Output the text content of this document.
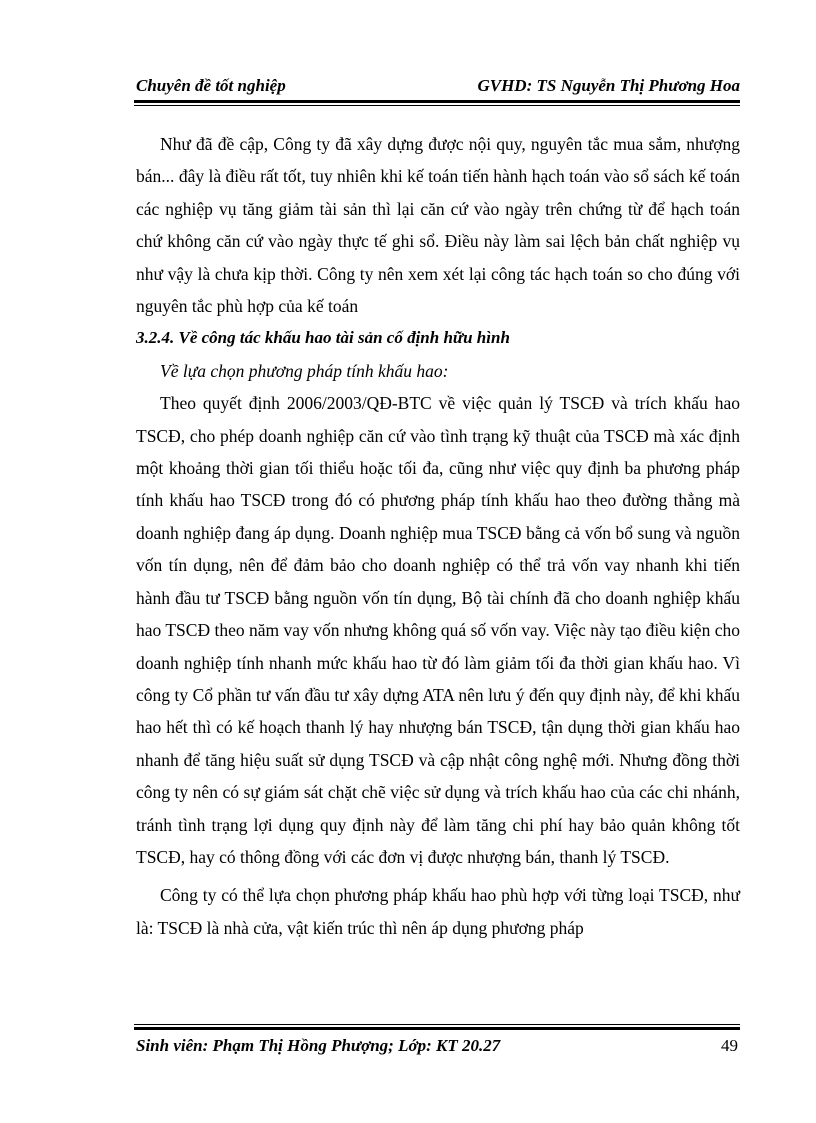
Chuyên đề tốt nghiệp	GVHD: TS Nguyễn Thị Phương Hoa

Như đã đề cập, Công ty đã xây dựng được nội quy, nguyên tắc mua sắm, nhượng bán... đây là điều rất tốt, tuy nhiên khi kế toán tiến hành hạch toán vào sổ sách kế toán các nghiệp vụ tăng giảm tài sản thì lại căn cứ vào ngày trên chứng từ để hạch toán chứ không căn cứ vào ngày thực tế ghi sổ. Điều này làm sai lệch bản chất nghiệp vụ như vậy là chưa kịp thời. Công ty nên xem xét lại công tác hạch toán so cho đúng với nguyên tắc phù hợp của kế toán

3.2.4. Về công tác khấu hao tài sản cố định hữu hình
Về lựa chọn phương pháp tính khấu hao:

Theo quyết định 2006/2003/QĐ-BTC về việc quản lý TSCĐ và trích khấu hao TSCĐ, cho phép doanh nghiệp căn cứ vào tình trạng kỹ thuật của TSCĐ mà xác định một khoảng thời gian tối thiểu hoặc tối đa, cũng như việc quy định ba phương pháp tính khấu hao TSCĐ trong đó có phương pháp tính khấu hao theo đường thẳng mà doanh nghiệp đang áp dụng. Doanh nghiệp mua TSCĐ bằng cả vốn bổ sung và nguồn vốn tín dụng, nên để đảm bảo cho doanh nghiệp có thể trả vốn vay nhanh khi tiến hành đầu tư TSCĐ bằng nguồn vốn tín dụng, Bộ tài chính đã cho doanh nghiệp khấu hao TSCĐ theo năm vay vốn nhưng không quá số vốn vay. Việc này tạo điều kiện cho doanh nghiệp tính nhanh mức khấu hao từ đó làm giảm tối đa thời gian khấu hao. Vì công ty Cổ phần tư vấn đầu tư xây dựng ATA nên lưu ý đến quy định này, để khi khấu hao hết thì có kế hoạch thanh lý hay nhượng bán TSCĐ, tận dụng thời gian khấu hao nhanh để tăng hiệu suất sử dụng TSCĐ và cập nhật công nghệ mới. Nhưng đồng thời công ty nên có sự giám sát chặt chẽ việc sử dụng và trích khấu hao của các chi nhánh, tránh tình trạng lợi dụng quy định này để làm tăng chi phí hay bảo quản không tốt TSCĐ, hay có thông đồng với các đơn vị được nhượng bán, thanh lý TSCĐ.

Công ty có thể lựa chọn phương pháp khấu hao phù hợp với từng loại TSCĐ, như là: TSCĐ là nhà cửa, vật kiến trúc thì nên áp dụng phương pháp

Sinh viên: Phạm Thị Hồng Phượng; Lớp: KT 20.27	49
